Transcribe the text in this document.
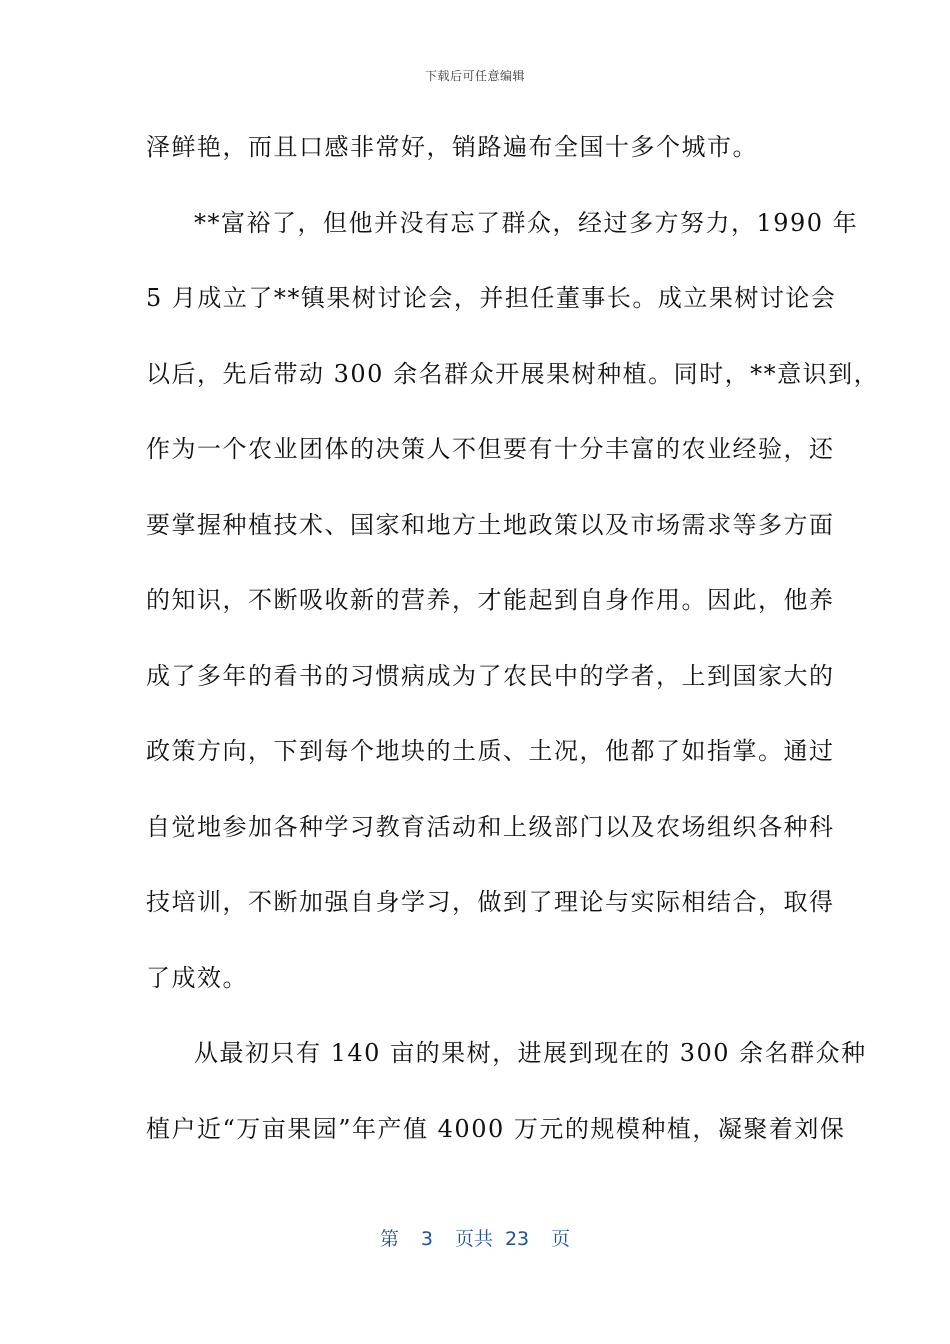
下载后可任意编辑
泽鲜艳，而且口感非常好，销路遍布全国十多个城市。
**富裕了，但他并没有忘了群众，经过多方努力，1990 年
5 月成立了**镇果树讨论会，并担任董事长。成立果树讨论会
以后，先后带动 300 余名群众开展果树种植。同时，**意识到，
作为一个农业团体的决策人不但要有十分丰富的农业经验，还
要掌握种植技术、国家和地方土地政策以及市场需求等多方面
的知识，不断吸收新的营养，才能起到自身作用。因此，他养
成了多年的看书的习惯病成为了农民中的学者，上到国家大的
政策方向，下到每个地块的土质、土况，他都了如指掌。通过
自觉地参加各种学习教育活动和上级部门以及农场组织各种科
技培训，不断加强自身学习，做到了理论与实际相结合，取得
了成效。
从最初只有 140 亩的果树，进展到现在的 300 余名群众种
植户近“万亩果园”年产值 4000 万元的规模种植，凝聚着刘保
第 3 页共 23 页
